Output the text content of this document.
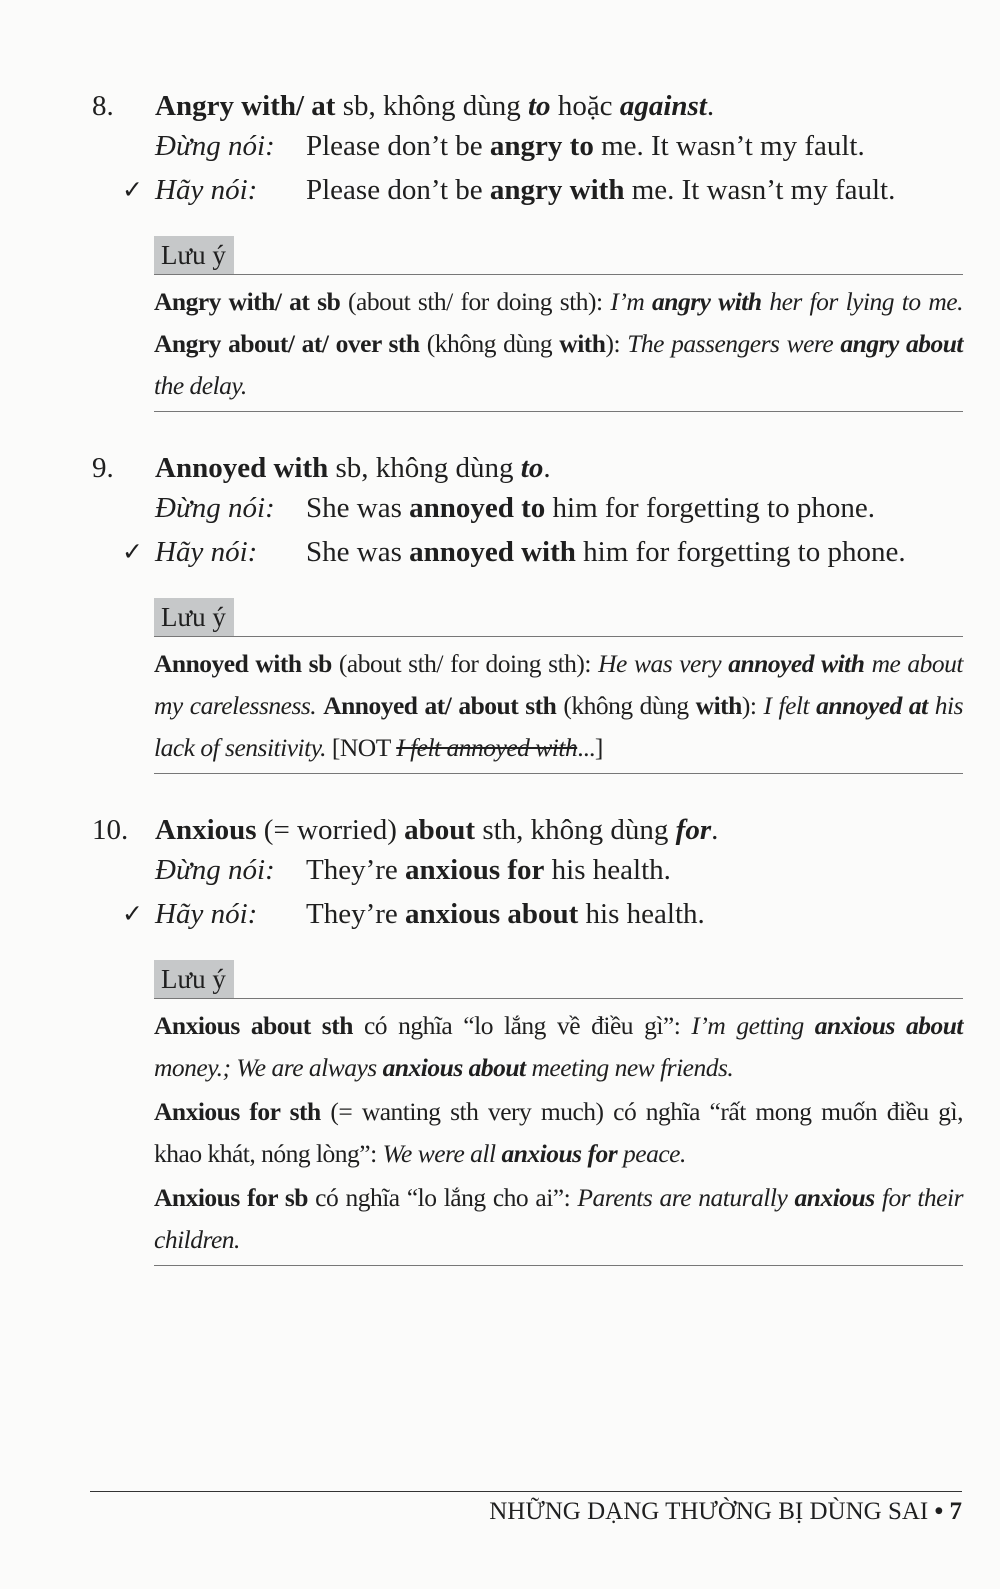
8. Angry with/ at sb, không dùng to hoặc against.
Đừng nói: Please don’t be angry to me. It wasn’t my fault.
✓ Hãy nói: Please don’t be angry with me. It wasn’t my fault.
Lưu ý

Angry with/ at sb (about sth/ for doing sth): I’m angry with her for lying to me. Angry about/ at/ over sth (không dùng with): The passengers were angry about the delay.

9. Annoyed with sb, không dùng to.
Đừng nói: She was annoyed to him for forgetting to phone.
✓ Hãy nói: She was annoyed with him for forgetting to phone.
Lưu ý

Annoyed with sb (about sth/ for doing sth): He was very annoyed with me about my carelessness. Annoyed at/ about sth (không dùng with): I felt annoyed at his lack of sensitivity. [NOT I felt annoyed with...]

10. Anxious (= worried) about sth, không dùng for.
Đừng nói: They’re anxious for his health.
✓ Hãy nói: They’re anxious about his health.
Lưu ý

Anxious about sth có nghĩa “lo lắng về điều gì”: I’m getting anxious about money.; We are always anxious about meeting new friends.

Anxious for sth (= wanting sth very much) có nghĩa “rất mong muốn điều gì, khao khát, nóng lòng”: We were all anxious for peace.

Anxious for sb có nghĩa “lo lắng cho ai”: Parents are naturally anxious for their children.

NHỮNG DẠNG THƯỜNG BỊ DÙNG SAI • 7
